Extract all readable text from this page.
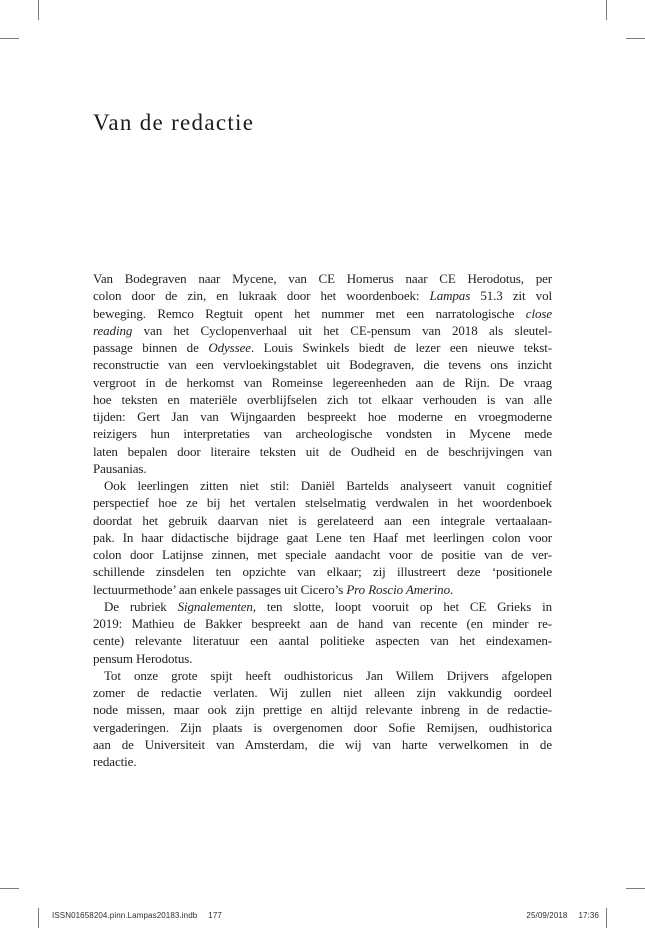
Van de redactie
Van Bodegraven naar Mycene, van CE Homerus naar CE Herodotus, per
colon door de zin, en lukraak door het woordenboek: Lampas 51.3 zit vol
beweging. Remco Regtuit opent het nummer met een narratologische close
reading van het Cyclopenverhaal uit het CE-pensum van 2018 als sleutel-
passage binnen de Odyssee. Louis Swinkels biedt de lezer een nieuwe tekst-
reconstructie van een vervloekingstablet uit Bodegraven, die tevens ons inzicht
vergroot in de herkomst van Romeinse legereenheden aan de Rijn. De vraag
hoe teksten en materiële overblijfselen zich tot elkaar verhouden is van alle
tijden: Gert Jan van Wijngaarden bespreekt hoe moderne en vroegmoderne
reizigers hun interpretaties van archeologische vondsten in Mycene mede
laten bepalen door literaire teksten uit de Oudheid en de beschrijvingen van
Pausanias.
Ook leerlingen zitten niet stil: Daniël Bartelds analyseert vanuit cognitief
perspectief hoe ze bij het vertalen stelselmatig verdwalen in het woordenboek
doordat het gebruik daarvan niet is gerelateerd aan een integrale vertaalaan-
pak. In haar didactische bijdrage gaat Lene ten Haaf met leerlingen colon voor
colon door Latijnse zinnen, met speciale aandacht voor de positie van de ver-
schillende zinsdelen ten opzichte van elkaar; zij illustreert deze ‘positionele
lectuurmethode’ aan enkele passages uit Cicero’s Pro Roscio Amerino.
De rubriek Signalementen, ten slotte, loopt vooruit op het CE Grieks in
2019: Mathieu de Bakker bespreekt aan de hand van recente (en minder re-
cente) relevante literatuur een aantal politieke aspecten van het eindexamen-
pensum Herodotus.
Tot onze grote spijt heeft oudhistoricus Jan Willem Drijvers afgelopen
zomer de redactie verlaten. Wij zullen niet alleen zijn vakkundig oordeel
node missen, maar ook zijn prettige en altijd relevante inbreng in de redactie-
vergaderingen. Zijn plaats is overgenomen door Sofie Remijsen, oudhistorica
aan de Universiteit van Amsterdam, die wij van harte verwelkomen in de
redactie.
ISSN01658204.pinn.Lampas20183.indb 177	25/09/2018 17:36
